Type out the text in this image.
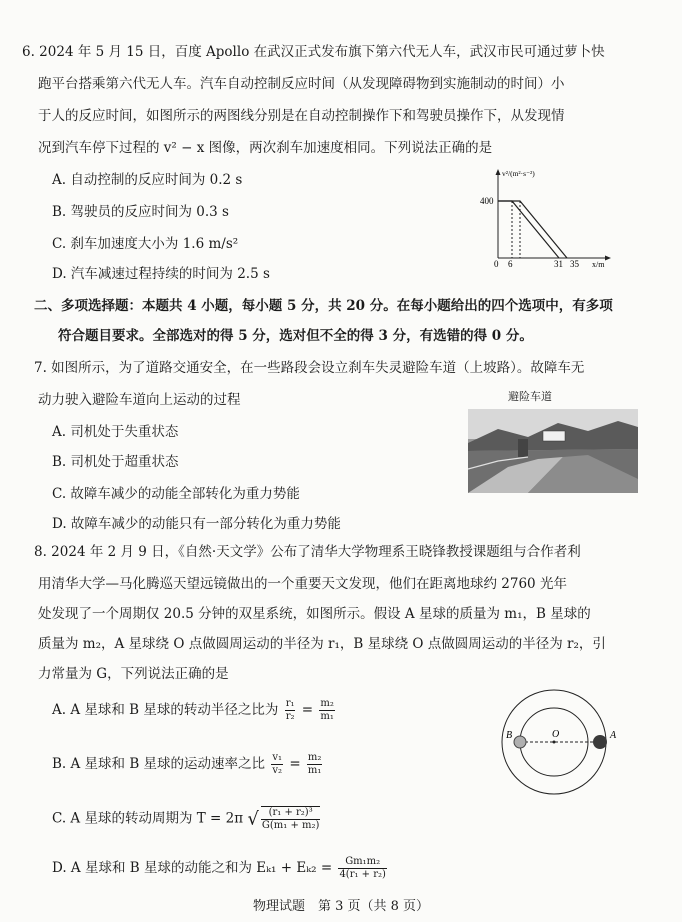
6. 2024 年 5 月 15 日，百度 Apollo 在武汉正式发布旗下第六代无人车，武汉市民可通过萝卜快
跑平台搭乘第六代无人车。汽车自动控制反应时间（从发现障碍物到实施制动的时间）小
于人的反应时间，如图所示的两图线分别是在自动控制操作下和驾驶员操作下，从发现情
况到汽车停下过程的 v² − x 图像，两次刹车加速度相同。下列说法正确的是
A. 自动控制的反应时间为 0.2 s
B. 驾驶员的反应时间为 0.3 s
C. 刹车加速度大小为 1.6 m/s²
D. 汽车减速过程持续的时间为 2.5 s
v²/(m²·s⁻²)
x/m
400
0 6	31 35
二、多项选择题：本题共 4 小题，每小题 5 分，共 20 分。在每小题给出的四个选项中，有多项
符合题目要求。全部选对的得 5 分，选对但不全的得 3 分，有选错的得 0 分。
7. 如图所示，为了道路交通安全，在一些路段会设立刹车失灵避险车道（上坡路）。故障车无
动力驶入避险车道向上运动的过程
A. 司机处于失重状态
B. 司机处于超重状态
C. 故障车减少的动能全部转化为重力势能
D. 故障车减少的动能只有一部分转化为重力势能
避险车道
8. 2024 年 2 月 9 日，《自然·天文学》公布了清华大学物理系王晓锋教授课题组与合作者利
用清华大学—马化腾巡天望远镜做出的一个重要天文发现，他们在距离地球约 2760 光年
处发现了一个周期仅 20.5 分钟的双星系统，如图所示。假设 A 星球的质量为 m₁，B 星球的
质量为 m₂，A 星球绕 O 点做圆周运动的半径为 r₁，B 星球绕 O 点做圆周运动的半径为 r₂，引
力常量为 G，下列说法正确的是
A. A 星球和 B 星球的转动半径之比为 $\frac{\text{r₁}}{\text{r₂}} = \frac{\text{m₂}}{\text{m₁}}$
B. A 星球和 B 星球的运动速率之比 $\frac{\text{v₁}}{\text{v₂}} = \frac{\text{m₂}}{\text{m₁}}$
C. A 星球的转动周期为 T = 2π √ $\frac{\text{(r₁ + r₂)³}}{\text{G(m₁ + m₂)}}$
D. A 星球和 B 星球的动能之和为 $E_{k1} + E_{k2} = \frac{\text{Gm₁m₂}}{\text{4(r₁ + r₂)}}$
B	O	A
物理试题　第 3 页（共 8 页）
